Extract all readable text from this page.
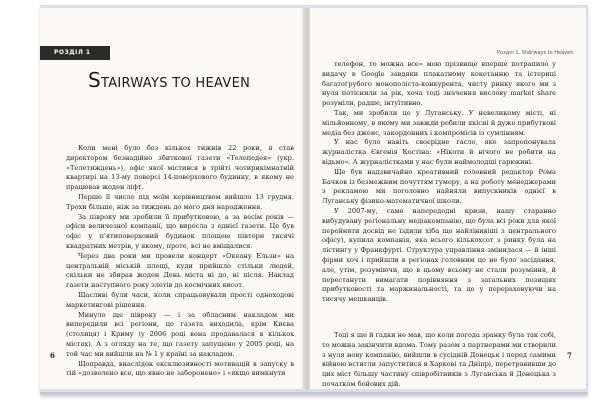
РОЗДІЛ 1
STAIRWAYS TO HEAVEN

Коли мені було без кількох тижнів 22 роки, я став директором безнадійно збиткової газети «Телепедея» (укр. «Телетиждень»), офіс якої містився в трійті чотирикімнатній квартирі на 13-му поверсі 14-поверхового будинку, в якому не працював жоден ліфт.

Перше її число під моїм керівництвом вийшло 13 грудня. Трохи більше, ніж за тиждень до мого дня народження.

За півроку ми зробили її прибутковою, а за весім років — офіси величезної компанії, що виросла з однієї газети. Це був офіс у п'ятиповерховий будинок площею півтори тисячі квадратних метрів, у якому, проте, всі не вміщалися.

Через два роки ми провели концерт «Океану Ельзи» на центральній міській площі, куди прийшло стільки людей, скільки не збирав жоден День міста ні до, ні після. Наклад газети наступного року злетів до космічних висот.

Щасливі були часи, коли спрацьовували прості одноходові маркетингові рішення.

Минуло ще півроку — і за обласним накладом ми випередили всі регіони, це газета виходила, крім Києва (столиця) і Криму (у 2006 році вона продавалася в кількох містах). А з огляду на те, що газету запущено у 2005 році, на той час ми вийшли на № 1 у країні за накладом.

Щоправда, внаслідок ексклюзивності мотивацій в запуску в тій «дозволено все, що явно не заборонено» і «якщо вимкнути

6
Розділ 1. Stairways to Heaven

телефон, то можна все» мою прізвище вперше потрапило у видачу в Google завдяки плакатному кокетанню та істериці багатогрубого монополіста-конкурента, чисту ринку якого ми з нуля потіснили за рік, хоча тоді значення вислову market share розуміли, радше, інтуїтивно.

Так, ми зробили це у Луганську. У невеликому місті, ні мільйонному, в якому ми завжди робили якісні й дуже прибуткові медіа без дженс, закордонних і компромісів із сумлінням.

У нас було навіть своєрідне гасло, яке запропонувала журналістка Євгенія Костіна: «Нікоти й нічого не робити на відьмо». А журналістками у нас були наймолодші гарюкині.

Ще був надзвичайно креативний головний редактор Рома Бачков із безмежним почуттям гумору, а на роботу менеджерами з рекламою ми поголовно найняли випускників однієї в Луганську фізико-математичної школи.

У 2007-му, саме напередодні кризи, нашу старанно вибудувану регіональну медіакомпанію, що була всі роки для якої перейняти досвід не їздили хіба що найлінивіші з центрального офісу), купила компанія, яка всього кількохсот з ринку була на лістингу у Франкфурті. Структура управління змінилася — й інші фірми хоч і прийшли в регіонах головним це не було засідання, але, утім, розуміючи, що в цьому всьому не стали розуміння, й перестанути вимагати порівняння з загальних позиціях прибутковості та маржинальності, та це у перераховуючи на тисячу мешканців.

Тоді я ще й гадки не мав, що коли погода зранку була так собі, то можна закінчити вдома. Тому разом з партнерами ми створили з нуля нову компанію, вийшли в сусідній Донецьк і перед самими війною встигли запуститися в Харкові та Дніпрі, перетравивши до цих міст більшу частину співробітників з Луганська й Донецька з початком бойових дій.

7
